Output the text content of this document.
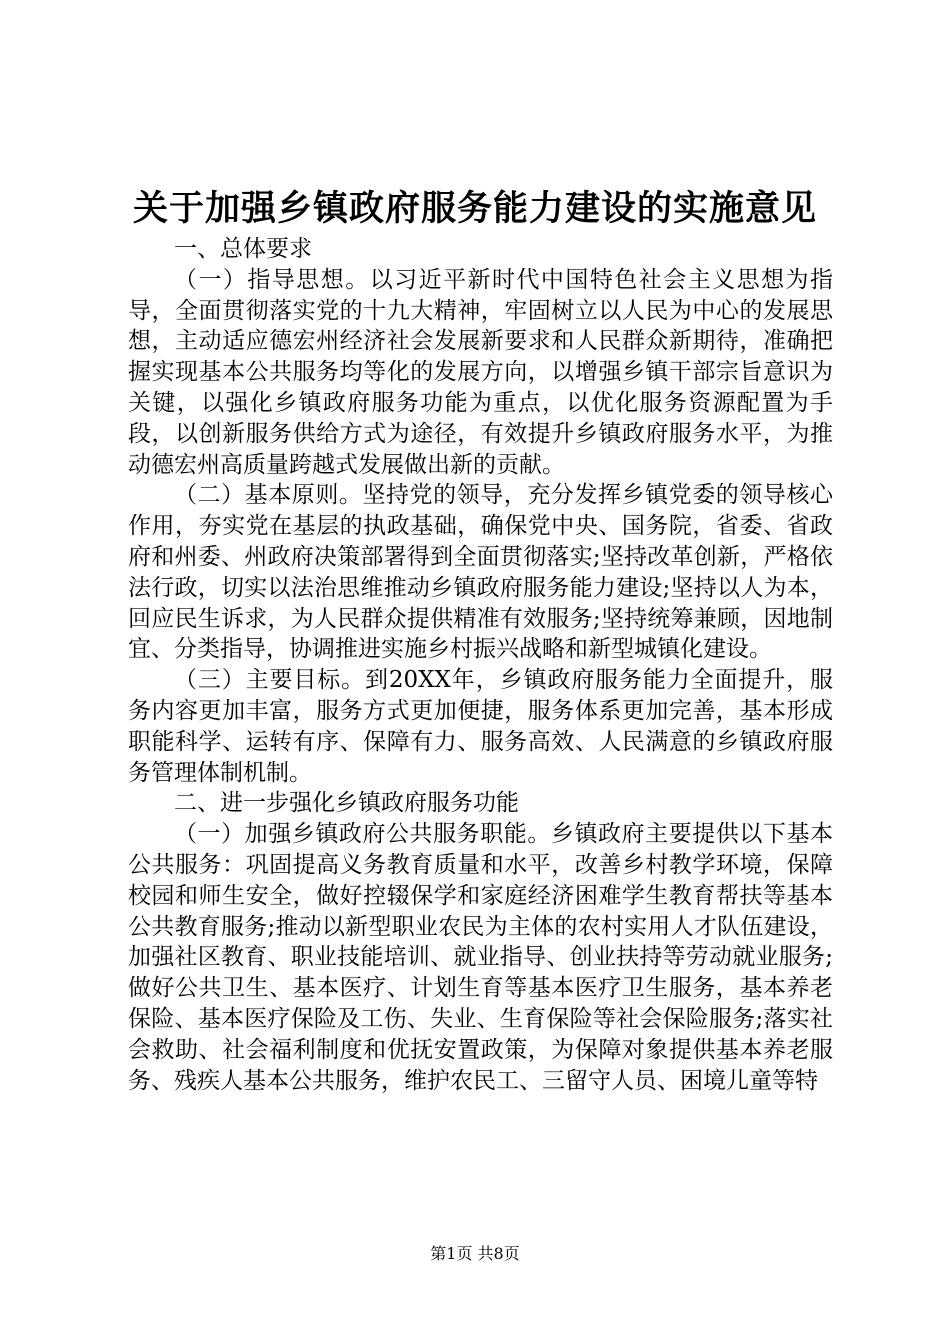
关于加强乡镇政府服务能力建设的实施意见

一、总体要求

（一）指导思想。以习近平新时代中国特色社会主义思想为指导，全面贯彻落实党的十九大精神，牢固树立以人民为中心的发展思想，主动适应德宏州经济社会发展新要求和人民群众新期待，准确把握实现基本公共服务均等化的发展方向，以增强乡镇干部宗旨意识为关键，以强化乡镇政府服务功能为重点，以优化服务资源配置为手段，以创新服务供给方式为途径，有效提升乡镇政府服务水平，为推动德宏州高质量跨越式发展做出新的贡献。

（二）基本原则。坚持党的领导，充分发挥乡镇党委的领导核心作用，夯实党在基层的执政基础，确保党中央、国务院，省委、省政府和州委、州政府决策部署得到全面贯彻落实;坚持改革创新，严格依法行政，切实以法治思维推动乡镇政府服务能力建设;坚持以人为本，回应民生诉求，为人民群众提供精准有效服务;坚持统筹兼顾，因地制宜、分类指导，协调推进实施乡村振兴战略和新型城镇化建设。

（三）主要目标。到20XX年，乡镇政府服务能力全面提升，服务内容更加丰富，服务方式更加便捷，服务体系更加完善，基本形成职能科学、运转有序、保障有力、服务高效、人民满意的乡镇政府服务管理体制机制。

二、进一步强化乡镇政府服务功能

（一）加强乡镇政府公共服务职能。乡镇政府主要提供以下基本公共服务：巩固提高义务教育质量和水平，改善乡村教学环境，保障校园和师生安全，做好控辍保学和家庭经济困难学生教育帮扶等基本公共教育服务;推动以新型职业农民为主体的农村实用人才队伍建设，加强社区教育、职业技能培训、就业指导、创业扶持等劳动就业服务;做好公共卫生、基本医疗、计划生育等基本医疗卫生服务，基本养老保险、基本医疗保险及工伤、失业、生育保险等社会保险服务;落实社会救助、社会福利制度和优抚安置政策，为保障对象提供基本养老服务、残疾人基本公共服务，维护农民工、三留守人员、困境儿童等特

第1页 共8页
